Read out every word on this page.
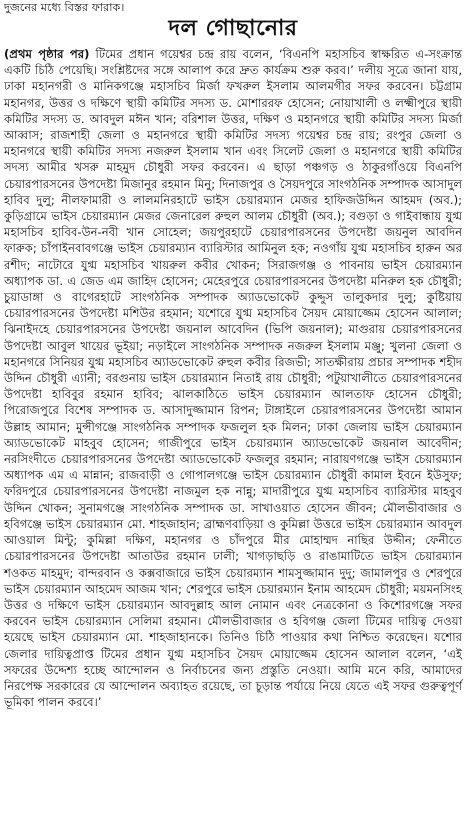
দুজনের মধ্যে বিস্তর ফারাক।
দল গোছানোর

(প্রথম পৃষ্ঠার পর) টিমের প্রধান গয়েশ্বর চন্দ্র রায় বলেন, ‘বিএনপি মহাসচিব স্বাক্ষরিত এ-সংক্রান্ত একটি চিঠি পেয়েছি। সংশ্লিষ্টদের সঙ্গে আলাপ করে দ্রুত কার্যক্রম শুরু করব।’ দলীয় সূত্রে জানা যায়, ঢাকা মহানগরী ও মানিকগঞ্জে মহাসচিব মির্জা ফখরুল ইসলাম আলমগীর সফর করবেন। চট্টগ্রাম মহানগর, উত্তর ও দক্ষিণে স্থায়ী কমিটির সদস্য ড. মোশাররফ হোসেন; নোয়াখালী ও লক্ষ্মীপুরে স্থায়ী কমিটির সদস্য ড. আবদুল মঈন খান; বরিশাল উত্তর, দক্ষিণ ও মহানগরে স্থায়ী কমিটির সদস্য মির্জা আব্বাস; রাজশাহী জেলা ও মহানগরে স্থায়ী কমিটির সদস্য গয়েশ্বর চন্দ্র রায়; রংপুর জেলা ও মহানগরে স্থায়ী কমিটির সদস্য নজরুল ইসলাম খান এবং সিলেট জেলা ও মহানগরে স্থায়ী কমিটির সদস্য আমীর খসরু মাহমুদ চৌধুরী সফর করবেন। এ ছাড়া পঞ্চগড় ও ঠাকুরগাঁওয়ে বিএনপি চেয়ারপারসনের উপদেষ্টা মিজানুর রহমান মিনু; দিনাজপুর ও সৈয়দপুরে সাংগঠনিক সম্পাদক আসাদুল হাবিব দুলু; নীলফামারী ও লালমনিরহাটে ভাইস চেয়ারম্যান মেজর হাফিজউদ্দিন আহমদ (অব.); কুড়িগ্রামে ভাইস চেয়ারম্যান মেজর জেনারেল রুহুল আলম চৌধুরী (অব.); বগুড়া ও গাইবান্ধায় যুগ্ম মহাসচিব হাবিব-উন-নবী খান সোহেল; জয়পুরহাটে চেয়ারপারসনের উপদেষ্টা জয়নুল আবদিন ফারুক; চাঁপাইনবাবগঞ্জে ভাইস চেয়ারম্যান ব্যারিস্টার আমিনুল হক; নওগাঁয় যুগ্ম মহাসচিব হারুন অর রশীদ; নাটোরে যুগ্ম মহাসচিব খায়রুল কবীর খোকন; সিরাজগঞ্জ ও পাবনায় ভাইস চেয়ারম্যান অধ্যাপক ডা. এ জেড এম জাহিদ হোসেন; মেহেরপুরে চেয়ারপারসনের উপদেষ্টা মনিরুল হক চৌধুরী; চুয়াডাঙ্গা ও বাগেরহাটে সাংগঠনিক সম্পাদক অ্যাডভোকেট কুদ্দুস তালুকদার দুলু; কুষ্টিয়ায় চেয়ারপারসনের উপদেষ্টা মশিউর রহমান; যশোরে যুগ্ম মহাসচিব সৈয়দ মোয়াজ্জেম হোসেন আলাল; ঝিনাইদহে চেয়ারপারসনের উপদেষ্টা জয়নাল আবেদিন (ভিপি জয়নাল); মাগুরায় চেয়ারপারসনের উপদেষ্টা আবুল খায়ের ভূইয়া; নড়াইলে সাংগঠনিক সম্পাদক নজরুল ইসলাম মঞ্জু; খুলনা জেলা ও মহানগরে সিনিয়র যুগ্ম মহাসচিব অ্যাডভোকেট রুহুল কবীর রিজভী; সাতক্ষীরায় প্রচার সম্পাদক শহীদ উদ্দিন চৌধুরী এ্যানী; বরগুনায় ভাইস চেয়ারম্যান নিতাই রায় চৌধুরী; পটুয়াখালীতে চেয়ারপারসনের উপদেষ্টা হাবিবুর রহমান হাবিব; ঝালকাঠিতে ভাইস চেয়ারম্যান আলতাফ হোসেন চৌধুরী; পিরোজপুরে বিশেষ সম্পাদক ড. আসাদুজ্জামান রিপন; টাঙ্গাইলে চেয়ারপারসনের উপদেষ্টা আমান উল্লাহ আমান; মুন্সীগঞ্জে সাংগঠনিক সম্পাদক ফজলুল হক মিলন; ঢাকা জেলায় ভাইস চেয়ারম্যান অ্যাডভোকেট মাহবুব হোসেন; গাজীপুরে ভাইস চেয়ারম্যান অ্যাডভোকেট জয়নাল আবেদীন; নরসিংদীতে চেয়ারপারসনের উপদেষ্টা অ্যাডভোকেট ফজলুর রহমান; নারায়ণগঞ্জে ভাইস চেয়ারম্যান অধ্যাপক এম এ মান্নান; রাজবাড়ী ও গোপালগঞ্জে ভাইস চেয়ারম্যান চৌধুরী কামাল ইবনে ইউসুফ; ফরিদপুরে চেয়ারপারসনের উপদেষ্টা নাজমুল হক নান্নু; মাদারীপুরে যুগ্ম মহাসচিব ব্যারিস্টার মাহবুব উদ্দিন খোকন; সুনামগঞ্জে সাংগঠনিক সম্পাদক ডা. সাখাওয়াত হোসেন জীবন; মৌলভীবাজার ও হবিগঞ্জে ভাইস চেয়ারম্যান মো. শাহজাহান; ব্রাহ্মণবাড়িয়া ও কুমিল্লা উত্তরে ভাইস চেয়ারম্যান আবদুল আওয়াল মিন্টু; কুমিল্লা দক্ষিণ, মহানগর ও চাঁদপুরে মীর মোহাম্মদ নাছির উদ্দীন; ফেনীতে চেয়ারপারসনের উপদেষ্টা আতাউর রহমান ঢালী; খাগড়াছড়ি ও রাঙামাটিতে ভাইস চেয়ারম্যান শওকত মাহমুদ; বান্দরবান ও কক্সবাজারে ভাইস চেয়ারম্যান শামসুজ্জামান দুদু; জামালপুর ও শেরপুরে ভাইস চেয়ারম্যান আহমেদ আজম খান; শেরপুরে ভাইস চেয়ারম্যান ইনাম আহমেদ চৌধুরী; ময়মনসিংহ উত্তর ও দক্ষিণে ভাইস চেয়ারম্যান আবদুল্লাহ আল নোমান এবং নেত্রকোনা ও কিশোরগঞ্জে সফর করবেন ভাইস চেয়ারম্যান সেলিমা রহমান। মৌলভীবাজার ও হবিগঞ্জ জেলা টিমের দায়িত্ব দেওয়া হয়েছে ভাইস চেয়ারম্যান মো. শাহজাহানকে। তিনিও চিঠি পাওয়ার কথা নিশ্চিত করেছেন। যশোর জেলার দায়িত্বপ্রাপ্ত টিমের প্রধান যুগ্ম মহাসচিব সৈয়দ মোয়াজ্জেম হোসেন আলাল বলেন, ‘এই সফরের উদ্দেশ্য হচ্ছে আন্দোলন ও নির্বাচনের জন্য প্রস্তুতি নেওয়া। আমি মনে করি, আমাদের নিরপেক্ষ সরকারের যে আন্দোলন অব্যাহত রয়েছে, তা চূড়ান্ত পর্যায়ে নিয়ে যেতে এই সফর গুরুত্বপূর্ণ ভূমিকা পালন করবে।’
